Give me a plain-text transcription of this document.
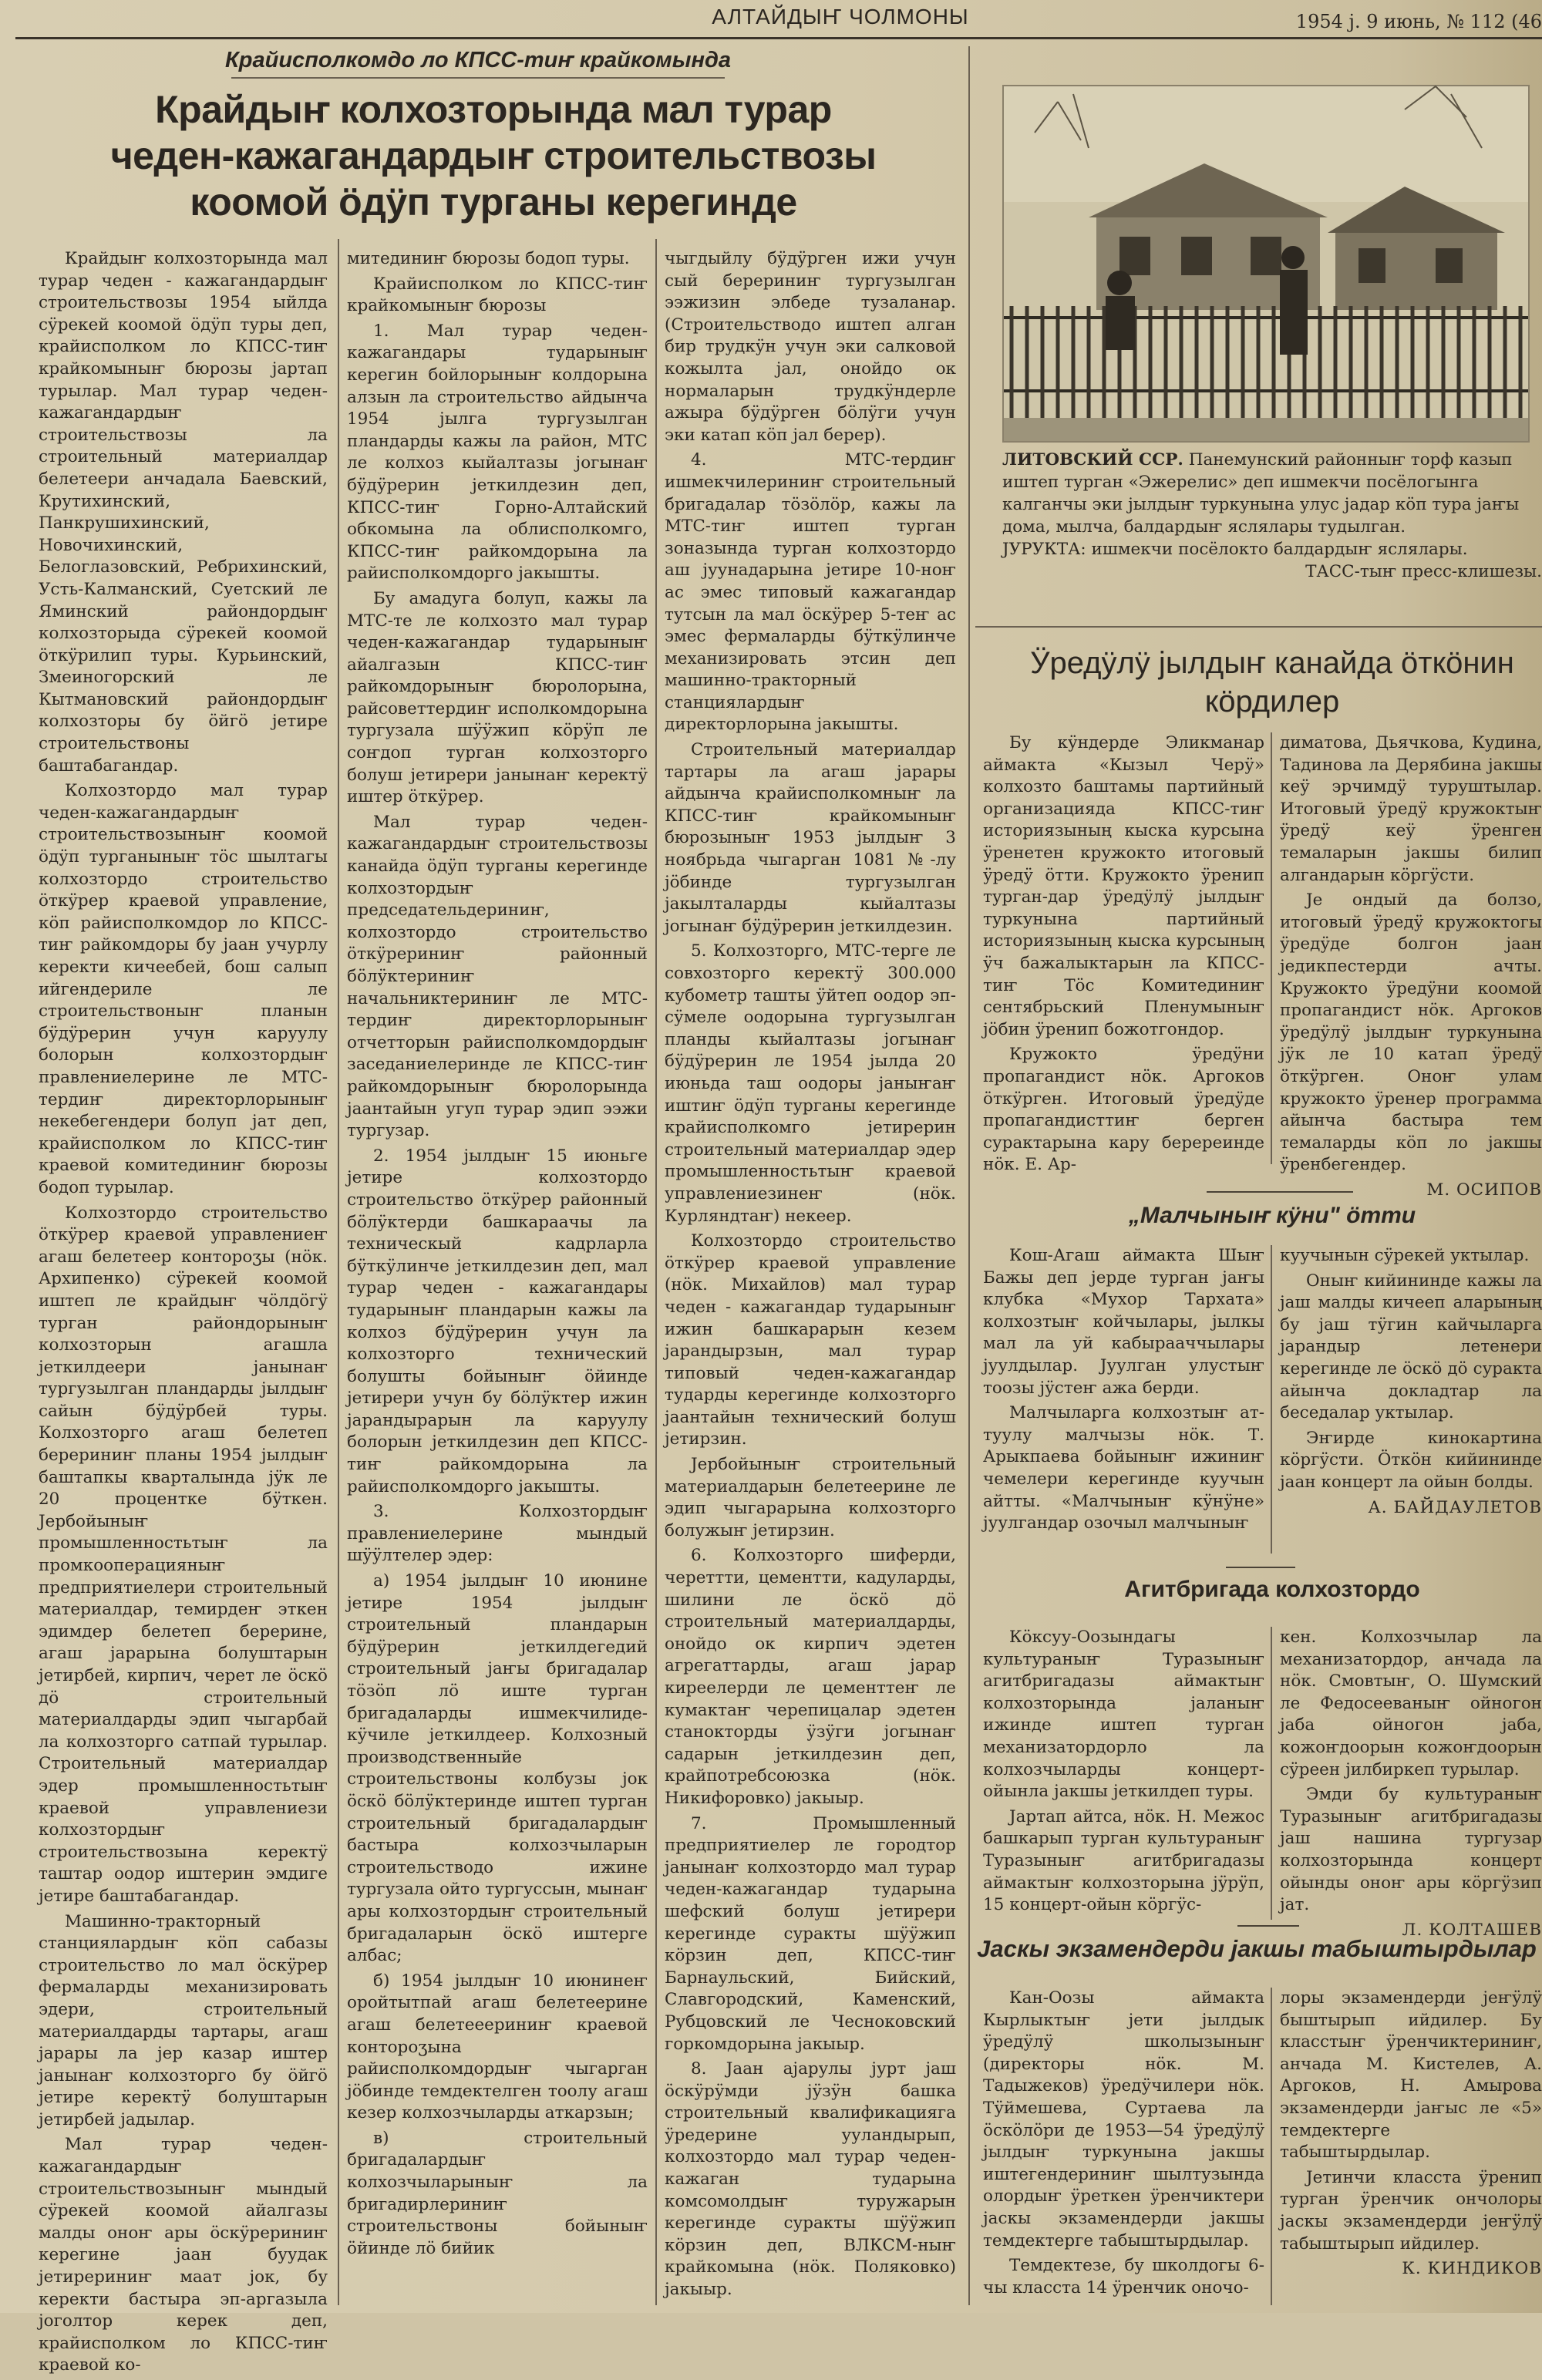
АЛТАЙДЫҤ ЧОЛМОНЫ	1954 j. 9 июнь, № 112 (46
Крайисполкомдо ло КПСС-тиҥ крайкомында
Крайдыҥ колхозторында мал турар чеден-кажагандардыҥ строительствозы коомой ӧдӱп турганы керегинде

Крайдыҥ колхозторында мал турар чеден - кажагандардыҥ строительствозы 1954 ыйлда сӱрекей коомой ӧдӱп туры деп, крайисполком ло КПСС-тиҥ крайкомыныҥ бюрозы јартап турылар. Мал турар чеден-кажагандардыҥ строительствозы ла строительный материалдар белетеери анчадала Баевский, Крутихинский, Панкрушихинский, Новочихинский, Белоглазовский, Ребрихинский, Усть-Калманский, Суетский ле Яминский райондордыҥ колхозторыда сӱрекей коомой ӧткӱрилип туры. Курьинский, Змеиногорский ле Кытмановский райондордыҥ колхозторы бу ӧйгӧ јетире строительствоны баштабагандар.

Колхозтордо мал турар чеден-кажагандардыҥ строительствозыныҥ коомой ӧдӱп турганыныҥ тӧс шылтагы колхозтордо строительство ӧткӱрер краевой управление, кӧп райисполкомдор ло КПСС-тиҥ райкомдоры бу јаан учурлу керекти кичеебей, бош салып ийгендериле ле строительствоныҥ планын бӱдӱрерин учун каруулу болорын колхозтордыҥ правлениелерине ле МТС-тердиҥ директорлорыныҥ некебегендери болуп јат деп, крайисполком ло КПСС-тиҥ краевой комитединиҥ бюрозы бодоп турылар.

Колхозтордо строительство ӧткӱрер краевой управлениеҥ агаш белетеер контороӡы (нӧк. Архипенко) сӱрекей коомой иштеп ле крайдыҥ чӧлдӧгӱ турган райондорыныҥ колхозторын агашла јеткилдеери јанынаҥ тургузылган пландарды јылдыҥ сайын бӱдӱрбей туры. Колхозторго агаш белетеп берериниҥ планы 1954 јылдыҥ баштапкы кварталында јӱк ле 20 процентке бӱткен. Јербойыныҥ промышленностьтыҥ ла промкооперацияныҥ предприятиелери строительный материалдар, темирдеҥ эткен эдимдер белетеп берерине, агаш јарарына болуштарын јетирбей, кирпич, черет ле ӧскӧ дӧ строительный материалдарды эдип чыгарбай ла колхозторго сатпай турылар. Строительный материалдар эдер промышленностьтыҥ краевой управлениези колхозтордыҥ строительствозына керектӱ таштар оодор иштерин эмдиге јетире баштабагандар.

Машинно-тракторный станциялардыҥ кӧп сабазы строительство ло мал ӧскӱрер фермаларды механизировать эдери, строительный материалдарды тартары, агаш јарары ла јер казар иштер јанынаҥ колхозторго бу ӧйгӧ јетире керектӱ болуштарын јетирбей јадылар.

Мал турар чеден-кажагандардыҥ строительствозыныҥ мындый сӱрекей коомой айалгазы малды оноҥ ары ӧскӱрериниҥ керегине јаан буудак јетирериниҥ маат јок, бу керекти бастыра эп-аргазыла јоголтор керек деп, крайисполком ло КПСС-тиҥ краевой ко-

митединиҥ бюрозы бодоп туры.

Крайисполком ло КПСС-тиҥ крайкомыныҥ бюрозы

1. Мал турар чеден-кажагандары тударыныҥ керегин бойлорыныҥ колдорына алзын ла строительство айдынча 1954 јылга тургузылган пландарды кажы ла район, МТС ле колхоз кыйалтазы јогынаҥ бӱдӱрерин јеткилдезин деп, КПСС-тиҥ Горно-Алтайский обкомына ла облисполкомго, КПСС-тиҥ райкомдорына ла райисполкомдорго јакышты.

Бу амадуга болуп, кажы ла МТС-те ле колхозто мал турар чеден-кажагандар тударыныҥ айалгазын КПСС-тиҥ райкомдорыныҥ бюролорына, райсоветтердиҥ исполкомдорына тургузала шӱӱжип кӧрӱп ле соҥдоп турган колхозторго болуш јетирери јанынаҥ керектӱ иштер ӧткӱрер.

Мал турар чеден-кажагандардыҥ строительствозы канайда ӧдӱп турганы керегинде колхозтордыҥ председательдериниҥ, колхозтордо строительство ӧткӱрериниҥ районный бӧлӱктериниҥ начальниктериниҥ ле МТС-тердиҥ директорлорыныҥ отчетторын райисполкомдордыҥ заседаниелеринде ле КПСС-тиҥ райкомдорыныҥ бюролорында јаантайын угуп турар эдип ээжи тургузар.

2. 1954 јылдыҥ 15 июньге јетире колхозтордо строительство ӧткӱрер районный бӧлӱктерди башкараачы ла техническый кадрларла бӱткӱлинче јеткилдезин деп, мал турар чеден - кажагандары тударыныҥ пландарын кажы ла колхоз бӱдӱрерин учун ла колхозторго технический болушты бойыныҥ ӧйинде јетирери учун бу бӧлӱктер ижин јарандырарын ла каруулу болорын јеткилдезин деп КПСС-тиҥ райкомдорына ла райисполкомдорго јакышты.

3. Колхозтордыҥ правлениелерине мындый шӱӱлтелер эдер:

а) 1954 јылдыҥ 10 июнине јетире 1954 јылдыҥ строительный пландарын бӱдӱрерин јеткилдегедий строительный јаҥы бригадалар тӧзӧп лӧ иште турган бригадаларды ишмекчилиде-кӱчиле јеткилдеер. Колхозный производственныйе строительствоны колбузы јок ӧскӧ бӧлӱктеринде иштеп турган строительный бригадалардыҥ бастыра колхозчыларын строительстводо ижине тургузала ойто тургуссын, мынаҥ ары колхозтордыҥ строительный бригадаларын ӧскӧ иштерге албас;

б) 1954 јылдыҥ 10 июнинеҥ оройтытпай агаш белетеерине агаш белетееериниҥ краевой контороӡына райисполкомдордыҥ чыгарган јӧбинде темдектелген тоолу агаш кезер колхозчыларды аткарзын;

в) строительный бригадалардыҥ колхозчыларыныҥ ла бригадирлериниҥ строительствоны бойыныҥ ӧйинде лӧ бийик

чыгдыйлу бӱдӱрген ижи учун сый берериниҥ тургузылган ээжизин элбеде тузаланар. (Строительстводо иштеп алган бир трудкӱн учун эки салковой кожылта јал, онойдо ок нормаларын трудкӱндерле ажыра бӱдӱрген бӧлӱги учун эки катап кӧп јал берер).

4. МТС-тердиҥ ишмекчилериниҥ строительный бригадалар тӧзӧлӧр, кажы ла МТС-тиҥ иштеп турган зоназында турган колхозтордо аш јуунадарына јетире 10-ноҥ ас эмес типовый кажагандар тутсын ла мал ӧскӱрер 5-теҥ ас эмес фермаларды бӱткӱлинче механизировать этсин деп машинно-тракторный станциялардыҥ директорлорына јакышты.

Строительный материалдар тартары ла агаш јарары айдынча крайисполкомныҥ ла КПСС-тиҥ крайкомыныҥ бюрозыныҥ 1953 јылдыҥ 3 ноябрьда чыгарган 1081 №-лу јӧбинде тургузылган јакылталарды кыйалтазы јогынаҥ бӱдӱрерин јеткилдезин.

5. Колхозторго, МТС-терге ле совхозторго керектӱ 300.000 кубометр ташты ӱйтеп оодор эп-сӱмеле оодорына тургузылган планды кыйалтазы јогынаҥ бӱдӱрерин ле 1954 јылда 20 июньда таш оодоры јаныҥаҥ иштиҥ ӧдӱп турганы керегинде крайисполкомго јетирерин строительный материалдар эдер промышленностьтыҥ краевой управлениезинеҥ (нӧк. Курляндтаҥ) некеер.

Колхозтордо строительство ӧткӱрер краевой управление (нӧк. Михайлов) мал турар чеден - кажагандар тударыныҥ ижин башкарарын кезем јарандырзын, мал турар типовый чеден-кажагандар тударды керегинде колхозторго јаантайын технический болуш јетирзин.

Јербойыныҥ строительный материалдарын белетеерине ле эдип чыгарарына колхозторго болужыҥ јетирзин.

6. Колхозторго шиферди, череттти, цементти, кадуларды, шилини ле ӧскӧ дӧ строительный материалдарды, онойдо ок кирпич эдетен агрегаттарды, агаш јарар киреелерди ле цементтеҥ ле кумактаҥ черепицалар эдетен станокторды ӱзӱги јогынаҥ садарын јеткилдезин деп, крайпотребсоюзка (нӧк. Никифоровко) јакыыр.

7. Промышленный предприятиелер ле городтор јанынаҥ колхозтордо мал турар чеден-кажагандар тударына шефский болуш јетирери керегинде суракты шӱӱжип кӧрзин деп, КПСС-тиҥ Барнаульский, Бийский, Славгородский, Каменский, Рубцовский ле Чесноковский горкомдорына јакыыр.

8. Јаан аjарулы јурт јаш ӧскӱрӱмди јӱзӱн башка строительный квалификацияга ӱредерине ууландырып, колхозтордо мал турар чеден-кажаган тударына комсомолдыҥ туружарын керегинде суракты шӱӱжип кӧрзин деп, ВЛКСМ-ныҥ крайкомына (нӧк. Поляковко) јакыыр.

ЛИТОВСКИЙ ССР. Панемунский районныҥ торф казып иштеп турган «Эжерелис» деп ишмекчи посёлогынга калганчы эки јылдыҥ туркунына улус јадар кӧп тура јаҥы дома, мылча, балдардыҥ яслялары тудылган.

ЈУРУКТА: ишмекчи посёлокто балдардыҥ яслялары.

ТАСС-тыҥ пресс-клишезы.

Ӱредӱлӱ јылдыҥ канайда ӧткӧнин кӧрдилер

Бу кӱндерде Эликманар аймакта «Кызыл Черӱ» колхозто баштамы партийный организацияда КПСС-тиҥ историязының кыска курсына ӱренетен кружокто итоговый ӱредӱ ӧтти. Кружокто ӱренип турган-дар ӱредӱлӱ јылдыҥ туркунына партийный историязының кыска курсының ӱч бажалыктарын ла КПСС-тиҥ Тӧс Комитединиҥ сентябрьский Пленумыныҥ јӧбин ӱренип божотгондор.

Кружокто ӱредӱни пропагандист нӧк. Аргоков ӧткӱрген. Итоговый ӱредӱде пропагандисттиҥ берген сурактарына кару беререинде нӧк. Е. Ар-

диматова, Дьячкова, Кудина, Тадинова ла Дерябина јакшы кеӱ эрчимдӱ туруштылар. Итоговый ӱредӱ кружоктыҥ ӱредӱ кеӱ ӱренген темаларын јакшы билип алгандарын кӧргӱсти.

Је ондый да болзо, итоговый ӱредӱ кружоктогы ӱредӱде болгон јаан једикпестерди ачты. Кружокто ӱредӱни коомой пропагандист нӧк. Аргоков ӱредӱлӱ јылдыҥ туркунына јӱк ле 10 катап ӱредӱ ӧткӱрген. Оноҥ улам кружокто ӱренер программа айынча бастыра тем темаларды кӧп ло јакшы ӱренбегендер.

М. ОСИПОВ

„Малчыныҥ кӱни" ӧтти

Кош-Агаш аймакта Шыҥ Бажы деп јерде турган јаҥы клубка «Мухор Тархата» колхозтыҥ койчылары, јылкы мал ла уй кабырааччылары јуулдылар. Јуулган улустыҥ тоозы јӱстеҥ ажа берди.

Малчыларга колхозтыҥ ат-туулу малчызы нӧк. Т. Арыкпаева бойыныҥ ижиниҥ чемелери керегинде куучын айтты. «Малчыныҥ кӱнӱне» јуулгандар озочыл малчыныҥ

куучынын сӱрекей уктылар.

Оныҥ кийининде кажы ла јаш малды кичееп аларының бу јаш тӱгин кайчыларга јарандыр летенери керегинде ле ӧскӧ дӧ суракта айынча докладтар ла беседалар уктылар.

Эҥирде кинокартина кӧргӱсти. Ӧткӧн кийининде јаан концерт ла ойын болды.

А. БАЙДАУЛЕТОВ

Агитбригада колхозтордо

Кӧксуу-Оозындагы культураныҥ Туразыныҥ агитбригадазы аймактыҥ колхозторында јаланыҥ ижинде иштеп турган механизатордорло ла колхозчыларды концерт-ойынла јакшы јеткилдеп туры.

Јартап айтса, нӧк. Н. Межос башкарып турган культураныҥ Туразыныҥ агитбригадазы аймактыҥ колхозторына јӱрӱп, 15 концерт-ойын кӧргӱс-

кен. Колхозчылар ла механизатордор, анчада ла нӧк. Смовтыҥ, О. Шумский ле Федосееваныҥ ойногон јаба ойногон јаба, кожоҥдоорын кожоҥдоорын сӱреен јилбиркеп турылар.

Эмди бу культураныҥ Туразыныҥ агитбригадазы јаш нашина тургузар колхозторында концерт ойынды оноҥ ары кӧргӱзип јат.

Л. КОЛТАШЕВ

Јаскы экзамендерди јакшы табыштырдылар

Кан-Оозы аймакта Кырлыктыҥ јети јылдык ӱредӱлӱ школызыныҥ (директоры нӧк. М. Тадыжеков) ӱредӱчилери нӧк. Тӱймешева, Суртаева ла ӧскӧлӧри де 1953—54 ӱредӱлӱ јылдыҥ туркунына јакшы иштегендериниҥ шылтузында олордыҥ ӱреткен ӱренчиктери јаскы экзамендерди јакшы темдектерге табыштырдылар.

Темдектезе, бу школдогы 6-чы класста 14 ӱренчик оночо-

лоры экзамендерди јеҥӱлӱ быштырып ийдилер. Бу класстыҥ ӱренчиктериниҥ, анчада М. Кистелев, А. Аргоков, Н. Амырова экзамендерди јаҥыс ле «5» темдектерге табыштырдылар.

Јетинчи класста ӱренип турган ӱренчик ончолоры јаскы экзамендерди јеҥӱлӱ табыштырып ийдилер.

К. КИНДИКОВ
